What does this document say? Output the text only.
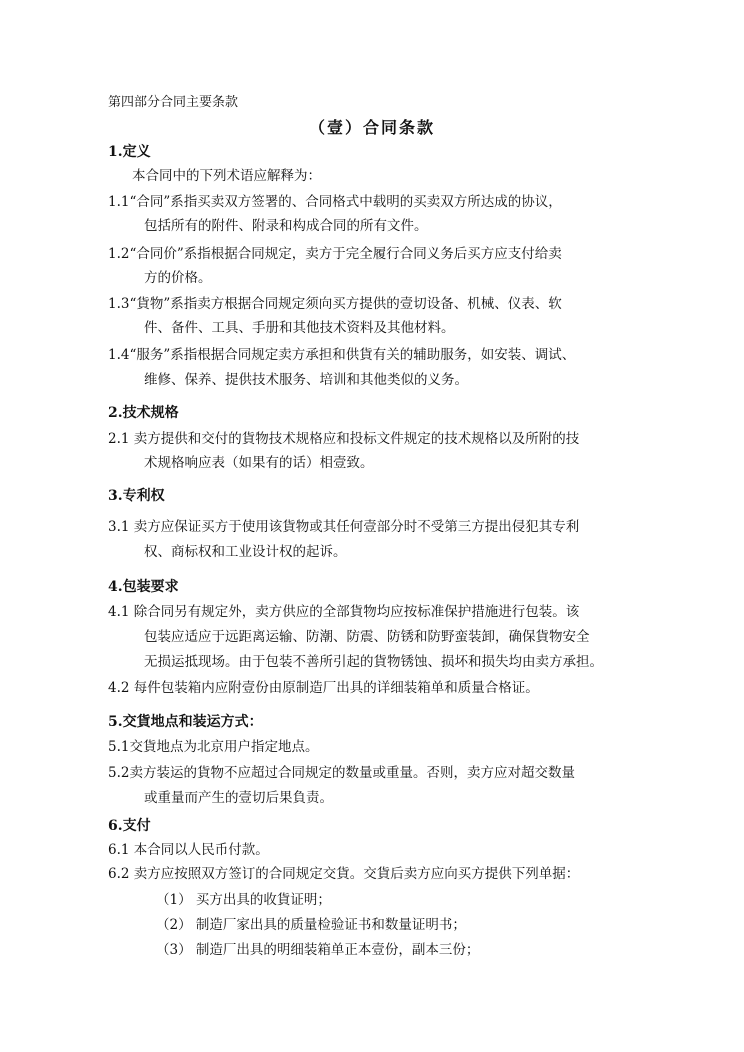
第四部分合同主要条款
（壹）合同条款
1.定义
本合同中的下列术语应解释为：
1.1“合同”系指买卖双方签署的、合同格式中载明的买卖双方所达成的协议，
包括所有的附件、附录和构成合同的所有文件。
1.2“合同价”系指根据合同规定，卖方于完全履行合同义务后买方应支付给卖
方的价格。
1.3“貨物”系指卖方根据合同规定须向买方提供的壹切设备、机械、仪表、软
件、备件、工具、手册和其他技术资料及其他材料。
1.4“服务”系指根据合同规定卖方承担和供貨有关的辅助服务，如安装、调试、
维修、保养、提供技术服务、培训和其他类似的义务。
2.技术规格
2.1 卖方提供和交付的貨物技术规格应和投标文件规定的技术规格以及所附的技
术规格响应表（如果有的话）相壹致。
3.专利权
3.1 卖方应保证买方于使用该貨物或其任何壹部分时不受第三方提出侵犯其专利
权、商标权和工业设计权的起诉。
4.包装要求
4.1 除合同另有规定外，卖方供应的全部貨物均应按标准保护措施进行包装。该
包装应适应于远距离运输、防潮、防震、防锈和防野蛮装卸，确保貨物安全
无损运抵现场。由于包装不善所引起的貨物锈蚀、损坏和损失均由卖方承担。
4.2 每件包装箱内应附壹份由原制造厂出具的详细装箱单和质量合格证。
5.交貨地点和装运方式：
5.1交貨地点为北京用户指定地点。
5.2卖方装运的貨物不应超过合同规定的数量或重量。否则，卖方应对超交数量
或重量而产生的壹切后果負责。
6.支付
6.1 本合同以人民币付款。
6.2 卖方应按照双方签订的合同规定交貨。交貨后卖方应向买方提供下列单据：
（1） 买方出具的收貨证明；
（2） 制造厂家出具的质量检验证书和数量证明书；
（3） 制造厂出具的明细装箱单正本壹份，副本三份；
